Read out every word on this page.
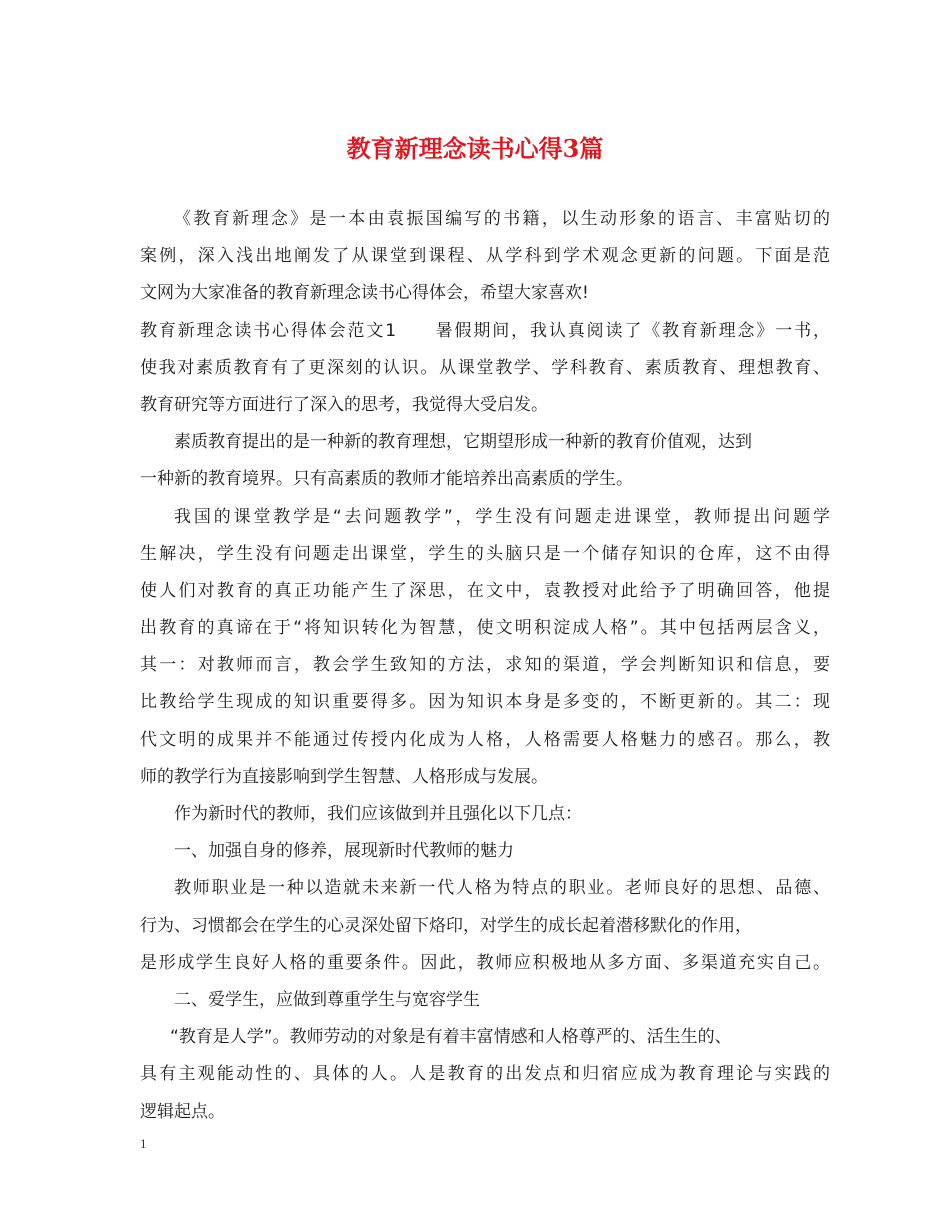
教育新理念读书心得3篇
《教育新理念》是一本由袁振国编写的书籍，以生动形象的语言、丰富贴切的
案例，深入浅出地阐发了从课堂到课程、从学科到学术观念更新的问题。下面是范
文网为大家准备的教育新理念读书心得体会，希望大家喜欢!
教育新理念读书心得体会范文1　　暑假期间，我认真阅读了《教育新理念》一书，
使我对素质教育有了更深刻的认识。从课堂教学、学科教育、素质教育、理想教育、
教育研究等方面进行了深入的思考，我觉得大受启发。
素质教育提出的是一种新的教育理想，它期望形成一种新的教育价值观，达到
一种新的教育境界。只有高素质的教师才能培养出高素质的学生。
我国的课堂教学是“去问题教学”，学生没有问题走进课堂，教师提出问题学
生解决，学生没有问题走出课堂，学生的头脑只是一个储存知识的仓库，这不由得
使人们对教育的真正功能产生了深思，在文中，袁教授对此给予了明确回答，他提
出教育的真谛在于“将知识转化为智慧，使文明积淀成人格”。其中包括两层含义，
其一：对教师而言，教会学生致知的方法，求知的渠道，学会判断知识和信息，要
比教给学生现成的知识重要得多。因为知识本身是多变的，不断更新的。其二：现
代文明的成果并不能通过传授内化成为人格，人格需要人格魅力的感召。那么，教
师的教学行为直接影响到学生智慧、人格形成与发展。
作为新时代的教师，我们应该做到并且强化以下几点：
一、加强自身的修养，展现新时代教师的魅力
教师职业是一种以造就未来新一代人格为特点的职业。老师良好的思想、品德、
行为、习惯都会在学生的心灵深处留下烙印，对学生的成长起着潜移默化的作用，
是形成学生良好人格的重要条件。因此，教师应积极地从多方面、多渠道充实自己。
二、爱学生，应做到尊重学生与宽容学生
“教育是人学”。教师劳动的对象是有着丰富情感和人格尊严的、活生生的、
具有主观能动性的、具体的人。人是教育的出发点和归宿应成为教育理论与实践的
逻辑起点。
1
